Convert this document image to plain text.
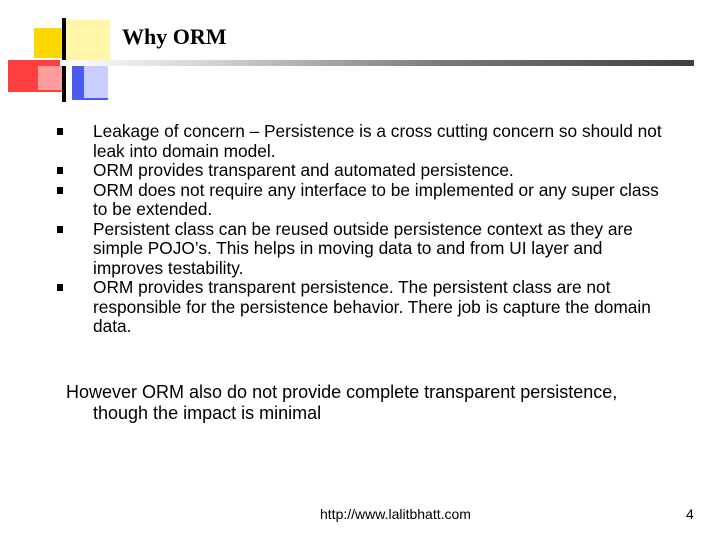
Why ORM
Leakage of concern – Persistence is a cross cutting concern so should not leak into domain model.
ORM provides transparent and automated persistence.
ORM does not require any interface to be implemented or any super class to be extended.
Persistent class can be reused outside persistence context as they are simple POJO’s. This helps in moving data to and from UI layer and improves testability.
ORM provides transparent persistence. The persistent class are not responsible for the persistence behavior. There job is capture the domain data.
However ORM also do not provide complete transparent persistence, though the impact is minimal
http://www.lalitbhatt.com	4
